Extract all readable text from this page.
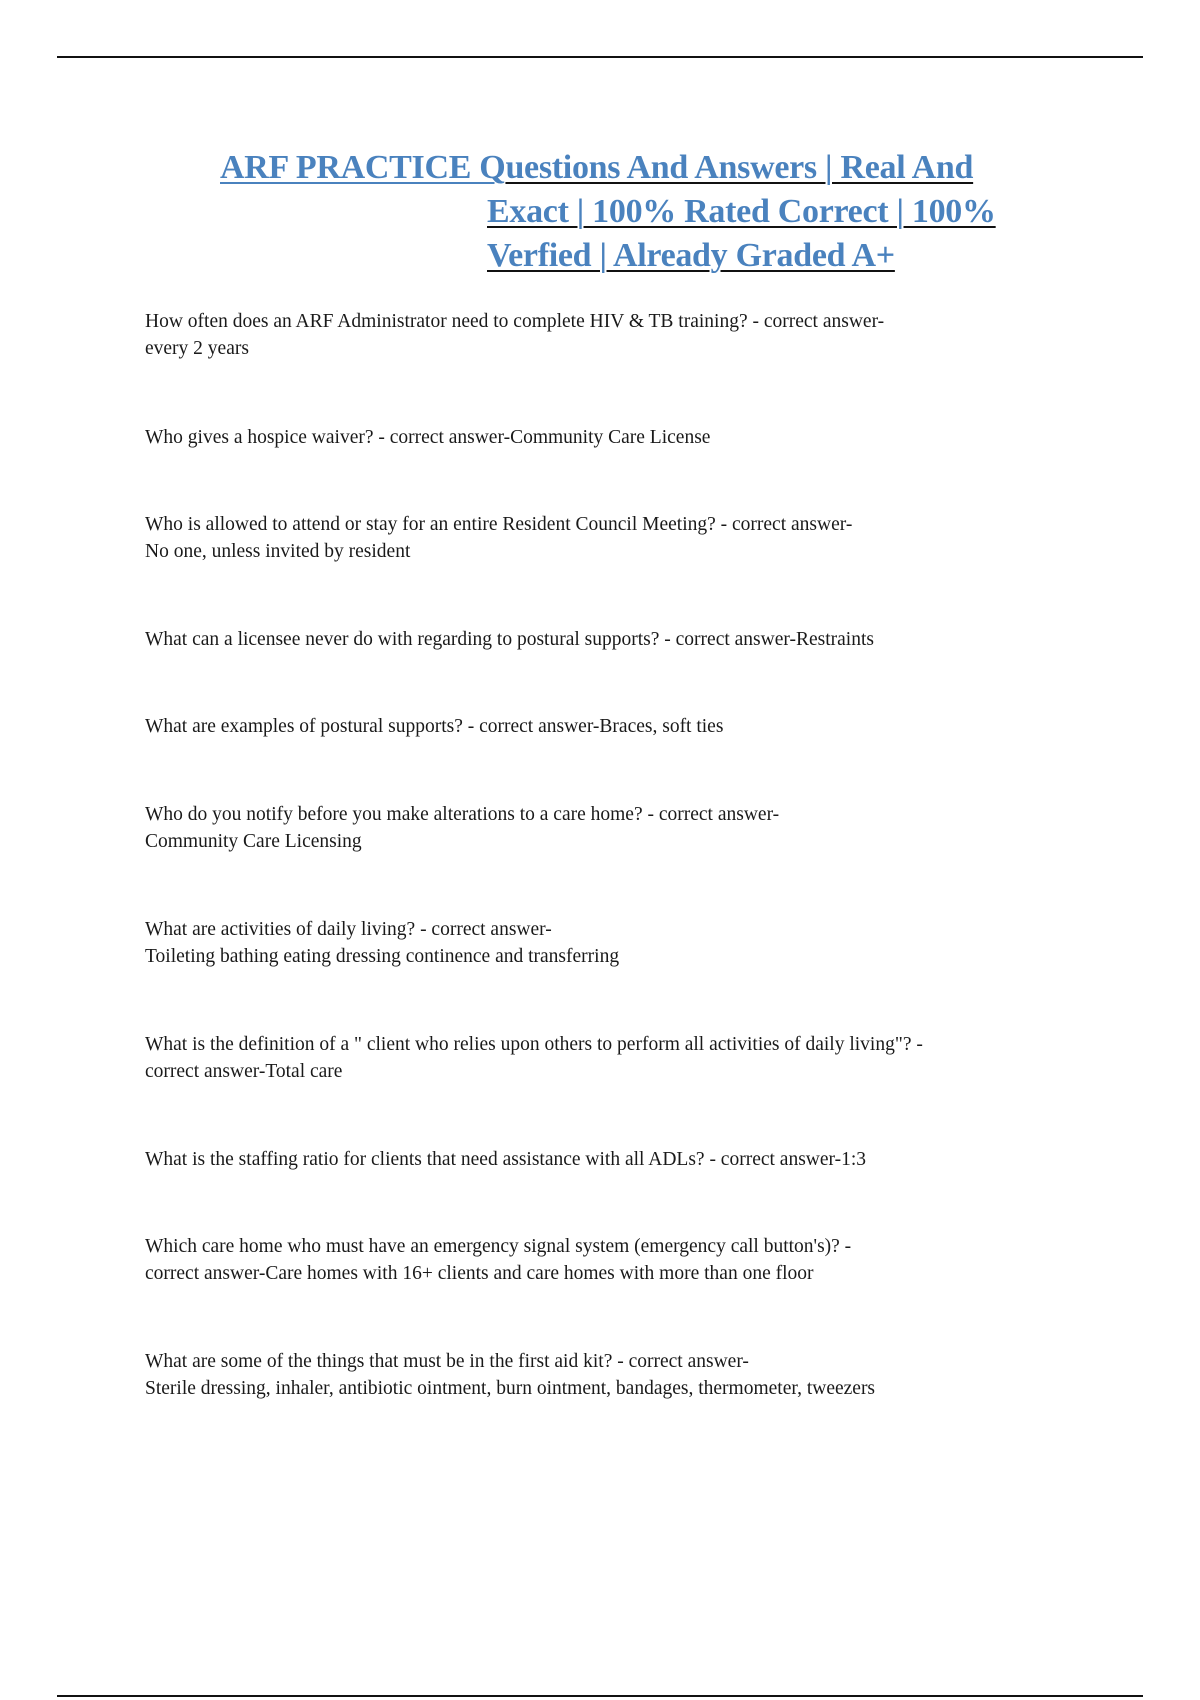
ARF PRACTICE Questions And Answers | Real And
Exact | 100% Rated Correct | 100%
Verfied | Already Graded A+
How often does an ARF Administrator need to complete HIV & TB training? - correct answer-
every 2 years
Who gives a hospice waiver? - correct answer-Community Care License
Who is allowed to attend or stay for an entire Resident Council Meeting? - correct answer-
No one, unless invited by resident
What can a licensee never do with regarding to postural supports? - correct answer-Restraints
What are examples of postural supports? - correct answer-Braces, soft ties
Who do you notify before you make alterations to a care home? - correct answer-
Community Care Licensing
What are activities of daily living? - correct answer-
Toileting bathing eating dressing continence and transferring
What is the definition of a " client who relies upon others to perform all activities of daily living"? -
correct answer-Total care
What is the staffing ratio for clients that need assistance with all ADLs? - correct answer-1:3
Which care home who must have an emergency signal system (emergency call button's)? -
correct answer-Care homes with 16+ clients and care homes with more than one floor
What are some of the things that must be in the first aid kit? - correct answer-
Sterile dressing, inhaler, antibiotic ointment, burn ointment, bandages, thermometer, tweezers
